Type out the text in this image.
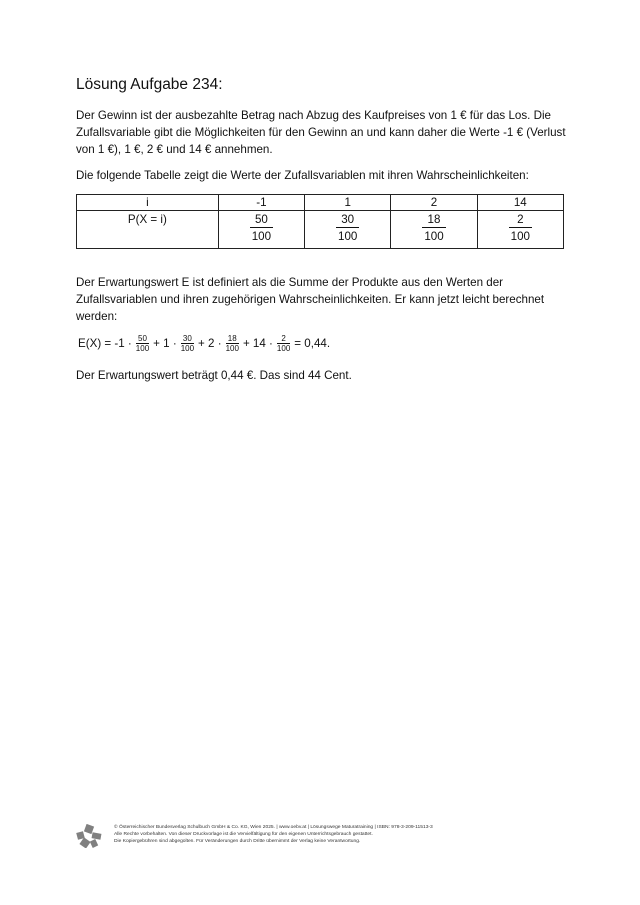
Lösung Aufgabe 234:

Der Gewinn ist der ausbezahlte Betrag nach Abzug des Kaufpreises von 1 € für das Los. Die Zufallsvariable gibt die Möglichkeiten für den Gewinn an und kann daher die Werte -1 € (Verlust von 1 €), 1 €, 2 € und 14 € annehmen.

Die folgende Tabelle zeigt die Werte der Zufallsvariablen mit ihren Wahrscheinlichkeiten:

i	-1	1	2	14

P(X = i)	$\frac{50}{100}$	$\frac{30}{100}$	$\frac{18}{100}$	$\frac{2}{100}$

Der Erwartungswert E ist definiert als die Summe der Produkte aus den Werten der Zufallsvariablen und ihren zugehörigen Wahrscheinlichkeiten. Er kann jetzt leicht berechnet werden:

$E(X) = -1 \cdot \frac{50}{100} + 1 \cdot \frac{30}{100} + 2 \cdot \frac{18}{100} + 14 \cdot \frac{2}{100} = 0,44$.

Der Erwartungswert beträgt 0,44 €. Das sind 44 Cent.

© Österreichischer Bundesverlag Schulbuch GmbH & Co. KG, Wien 2025. | www.oebv.at | Lösungswege Maturatraining | ISBN: 978-3-209-11513-3
Alle Rechte vorbehalten. Von dieser Druckvorlage ist die Vervielfältigung für den eigenen Unterrichtsgebrauch gestattet.
Die Kopiergebühren sind abgegolten. Für Veränderungen durch Dritte übernimmt der Verlag keine Verantwortung.
